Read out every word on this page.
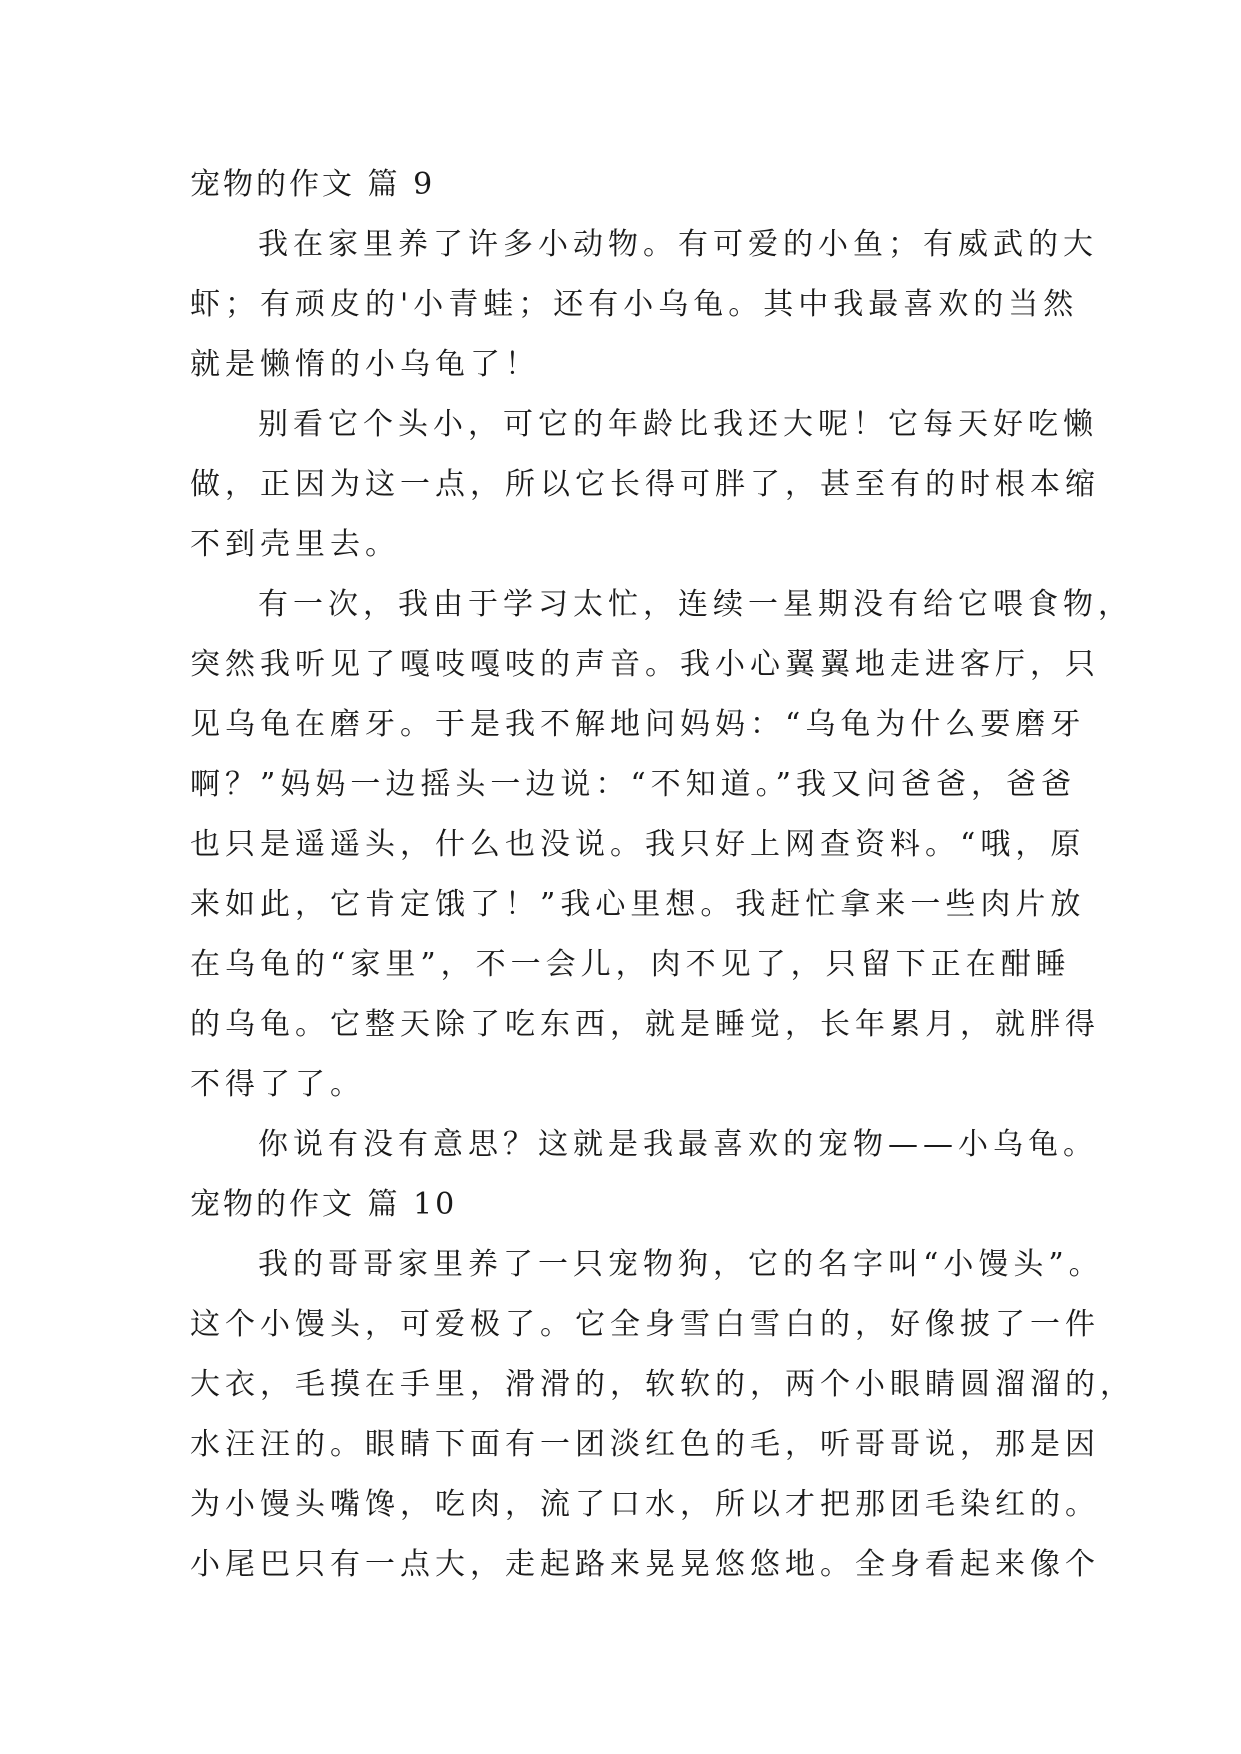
宠物的作文 篇 9
我在家里养了许多小动物。有可爱的小鱼；有威武的大
虾；有顽皮的'小青蛙；还有小乌龟。其中我最喜欢的当然
就是懒惰的小乌龟了！
别看它个头小，可它的年龄比我还大呢！它每天好吃懒
做，正因为这一点，所以它长得可胖了，甚至有的时根本缩
不到壳里去。
有一次，我由于学习太忙，连续一星期没有给它喂食物，
突然我听见了嘎吱嘎吱的声音。我小心翼翼地走进客厅，只
见乌龟在磨牙。于是我不解地问妈妈：“乌龟为什么要磨牙
啊？”妈妈一边摇头一边说：“不知道。”我又问爸爸，爸爸
也只是遥遥头，什么也没说。我只好上网查资料。“哦，原
来如此，它肯定饿了！”我心里想。我赶忙拿来一些肉片放
在乌龟的“家里”，不一会儿，肉不见了，只留下正在酣睡
的乌龟。它整天除了吃东西，就是睡觉，长年累月，就胖得
不得了了。
你说有没有意思？这就是我最喜欢的宠物——小乌龟。
宠物的作文 篇 10
我的哥哥家里养了一只宠物狗，它的名字叫“小馒头”。
这个小馒头，可爱极了。它全身雪白雪白的，好像披了一件
大衣，毛摸在手里，滑滑的，软软的，两个小眼睛圆溜溜的，
水汪汪的。眼睛下面有一团淡红色的毛，听哥哥说，那是因
为小馒头嘴馋，吃肉，流了口水，所以才把那团毛染红的。
小尾巴只有一点大，走起路来晃晃悠悠地。全身看起来像个
